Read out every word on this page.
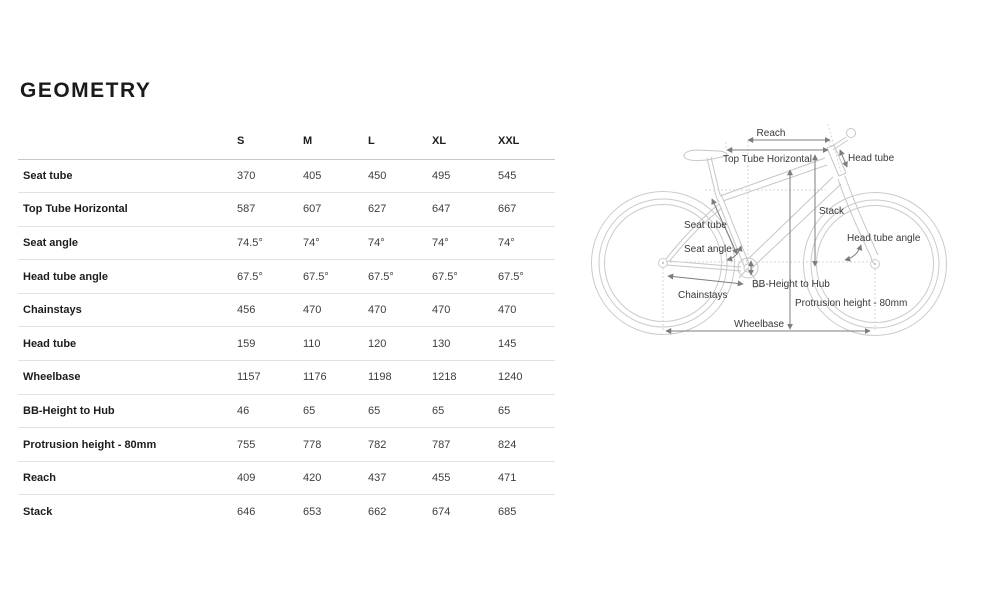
GEOMETRY
	S	M	L	XL	XXL
Seat tube	370	405	450	495	545
Top Tube Horizontal	587	607	627	647	667
Seat angle	74.5°	74°	74°	74°	74°
Head tube angle	67.5°	67.5°	67.5°	67.5°	67.5°
Chainstays	456	470	470	470	470
Head tube	159	110	120	130	145
Wheelbase	1157	1176	1198	1218	1240
BB-Height to Hub	46	65	65	65	65
Protrusion height - 80mm	755	778	782	787	824
Reach	409	420	437	455	471
Stack	646	653	662	674	685
Reach
Top Tube Horizontal	Head tube
Seat tube
Seat angle
Stack
Head tube angle
BB-Height to Hub
Chainstays
Protrusion height - 80mm
Wheelbase
